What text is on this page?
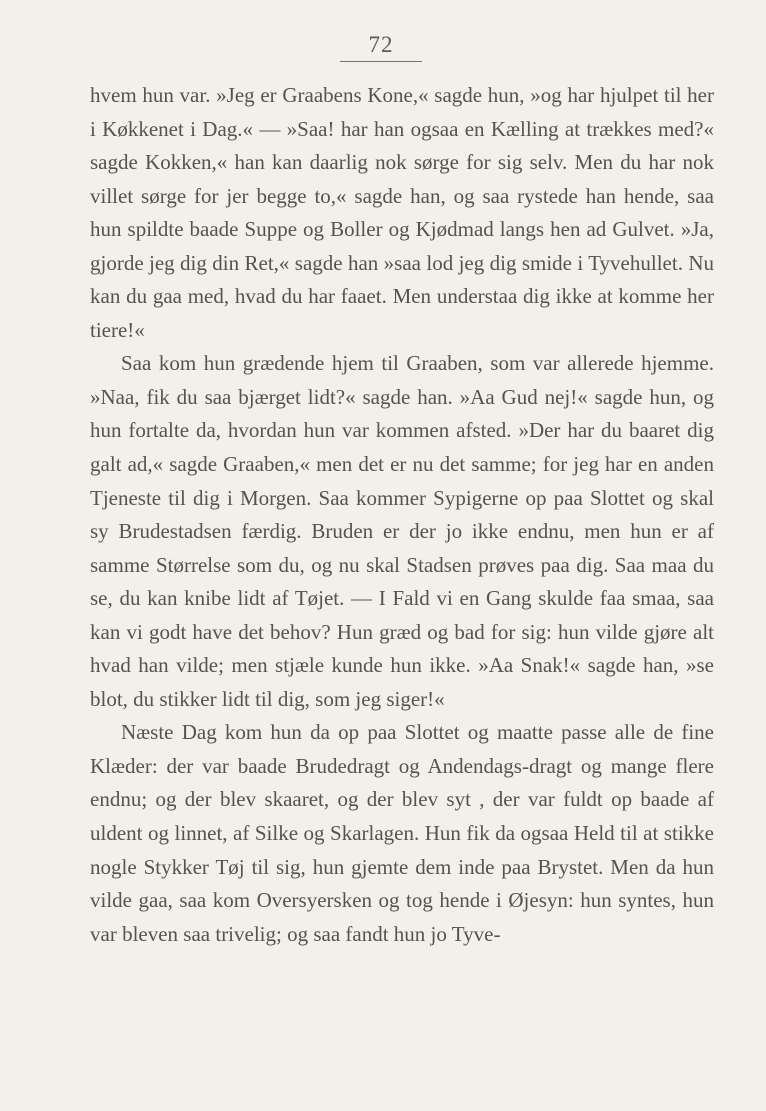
72

hvem hun var. »Jeg er Graabens Kone,« sagde hun, »og har hjulpet til her i Køkkenet i Dag.« — »Saa! har han ogsaa en Kælling at trækkes med?« sagde Kokken,« han kan daarlig nok sørge for sig selv. Men du har nok villet sørge for jer begge to,« sagde han, og saa rystede han hende, saa hun spildte baade Suppe og Boller og Kjødmad langs hen ad Gulvet. »Ja, gjorde jeg dig din Ret,« sagde han »saa lod jeg dig smide i Tyvehullet. Nu kan du gaa med, hvad du har faaet. Men understaa dig ikke at komme her tiere!«

Saa kom hun grædende hjem til Graaben, som var allerede hjemme. »Naa, fik du saa bjærget lidt?« sagde han. »Aa Gud nej!« sagde hun, og hun fortalte da, hvordan hun var kommen afsted. »Der har du baaret dig galt ad,« sagde Graaben,« men det er nu det samme; for jeg har en anden Tjeneste til dig i Morgen. Saa kommer Sypigerne op paa Slottet og skal sy Brudestadsen færdig. Bruden er der jo ikke endnu, men hun er af samme Størrelse som du, og nu skal Stadsen prøves paa dig. Saa maa du se, du kan knibe lidt af Tøjet. — I Fald vi en Gang skulde faa smaa, saa kan vi godt have det behov? Hun græd og bad for sig: hun vilde gjøre alt hvad han vilde; men stjæle kunde hun ikke. »Aa Snak!« sagde han, »se blot, du stikker lidt til dig, som jeg siger!«

Næste Dag kom hun da op paa Slottet og maatte passe alle de fine Klæder: der var baade Brudedragt og Andendags-dragt og mange flere endnu; og der blev skaaret, og der blev syt , der var fuldt op baade af uldent og linnet, af Silke og Skarlagen. Hun fik da ogsaa Held til at stikke nogle Stykker Tøj til sig, hun gjemte dem inde paa Brystet. Men da hun vilde gaa, saa kom Oversyersken og tog hende i Øjesyn: hun syntes, hun var bleven saa trivelig; og saa fandt hun jo Tyve-
